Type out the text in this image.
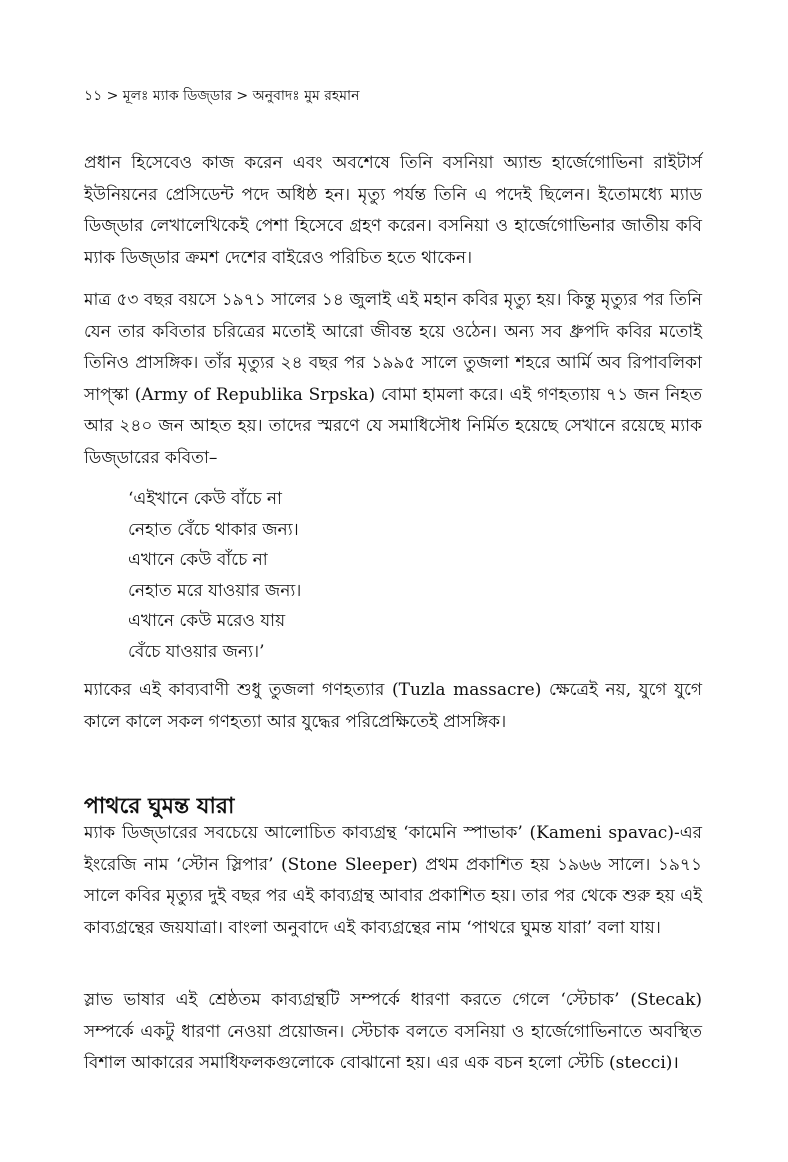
১১ > মূলঃ ম্যাক ডিজ্‌ডার > অনুবাদঃ মুম রহমান

প্রধান হিসেবেও কাজ করেন এবং অবশেষে তিনি বসনিয়া অ্যান্ড হার্জেগোভিনা রাইটার্স ইউনিয়নের প্রেসিডেন্ট পদে অধিষ্ঠ হন। মৃত্যু পর্যন্ত তিনি এ পদেই ছিলেন। ইতোমধ্যে ম্যাড ডিজ্‌ডার লেখালেখিকেই পেশা হিসেবে গ্রহণ করেন। বসনিয়া ও হার্জেগোভিনার জাতীয় কবি ম্যাক ডিজ্‌ডার ক্রমশ দেশের বাইরেও পরিচিত হতে থাকেন।

মাত্র ৫৩ বছর বয়সে ১৯৭১ সালের ১৪ জুলাই এই মহান কবির মৃত্যু হয়। কিন্তু মৃত্যুর পর তিনি যেন তার কবিতার চরিত্রের মতোই আরো জীবন্ত হয়ে ওঠেন। অন্য সব ধ্রুপদি কবির মতোই তিনিও প্রাসঙ্গিক। তাঁর মৃত্যুর ২৪ বছর পর ১৯৯৫ সালে তুজলা শহরে আর্মি অব রিপাবলিকা সাপ্স্কা (Army of Republika Srpska) বোমা হামলা করে। এই গণহত্যায় ৭১ জন নিহত আর ২৪০ জন আহত হয়। তাদের স্মরণে যে সমাধিসৌধ নির্মিত হয়েছে সেখানে রয়েছে ম্যাক ডিজ্‌ডারের কবিতা–

‘এইখানে কেউ বাঁচে না
নেহাত বেঁচে থাকার জন্য।
এখানে কেউ বাঁচে না
নেহাত মরে যাওয়ার জন্য।
এখানে কেউ মরেও যায়
বেঁচে যাওয়ার জন্য।’

ম্যাকের এই কাব্যবাণী শুধু তুজলা গণহত্যার (Tuzla massacre) ক্ষেত্রেই নয়, যুগে যুগে কালে কালে সকল গণহত্যা আর যুদ্ধের পরিপ্রেক্ষিতেই প্রাসঙ্গিক।

পাথরে ঘুমন্ত যারা

ম্যাক ডিজ্‌ডারের সবচেয়ে আলোচিত কাব্যগ্রন্থ ‘কামেনি স্পাভাক’ (Kameni spavac)-এর ইংরেজি নাম ‘স্টোন স্লিপার’ (Stone Sleeper) প্রথম প্রকাশিত হয় ১৯৬৬ সালে। ১৯৭১ সালে কবির মৃত্যুর দুই বছর পর এই কাব্যগ্রন্থ আবার প্রকাশিত হয়। তার পর থেকে শুরু হয় এই কাব্যগ্রন্থের জয়যাত্রা। বাংলা অনুবাদে এই কাব্যগ্রন্থের নাম ‘পাথরে ঘুমন্ত যারা’ বলা যায়।

স্লাভ ভাষার এই শ্রেষ্ঠতম কাব্যগ্রন্থটি সম্পর্কে ধারণা করতে গেলে ‘স্টেচাক’ (Stecak) সম্পর্কে একটু ধারণা নেওয়া প্রয়োজন। স্টেচাক বলতে বসনিয়া ও হার্জেগোভিনাতে অবস্থিত বিশাল আকারের সমাধিফলকগুলোকে বোঝানো হয়। এর এক বচন হলো স্টেচি (stecci)।
